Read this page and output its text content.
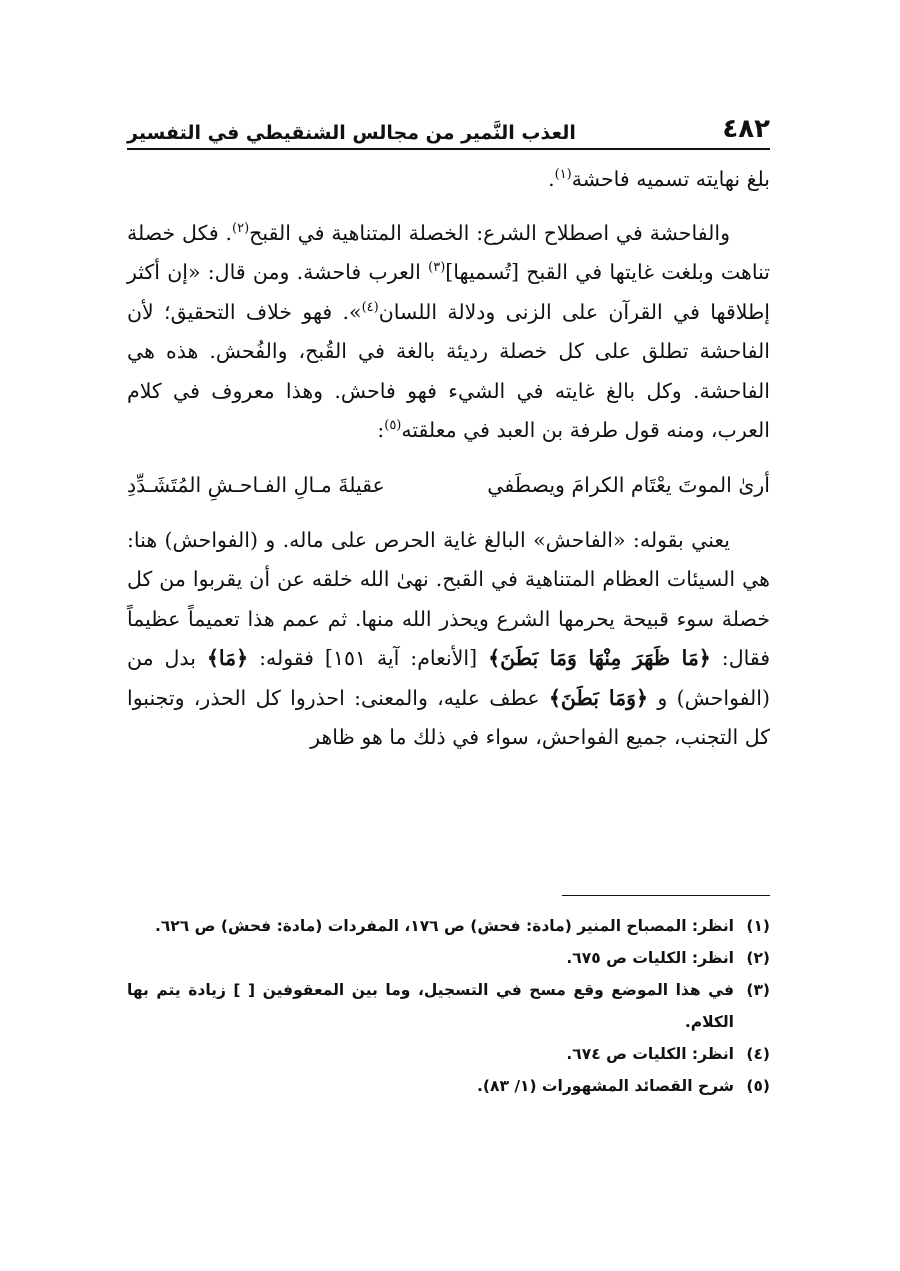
٤٨٢
العذب النَّمير من مجالس الشنقيطي في التفسير

بلغ نهايته تسميه فاحشة$^{(١)}$.

والفاحشة في اصطلاح الشرع: الخصلة المتناهية في القبح$^{(٢)}$. فكل خصلة تناهت وبلغت غايتها في القبح [تُسميها]$^{(٣)}$ العرب فاحشة. ومن قال: «إن أكثر إطلاقها في القرآن على الزنى ودلالة اللسان$^{(٤)}$». فهو خلاف التحقيق؛ لأن الفاحشة تطلق على كل خصلة رديئة بالغة في القُبح، والفُحش. هذه هي الفاحشة. وكل بالغ غايته في الشيء فهو فاحش. وهذا معروف في كلام العرب، ومنه قول طرفة بن العبد في معلقته$^{(٥)}$:

أرىٰ الموتَ يعْتَام الكرامَ ويصطَفي
عقيلةَ مـالِ الفـاحـشِ المُتَشَـدِّدِ

يعني بقوله: «الفاحش» البالغ غاية الحرص على ماله. و (الفواحش) هنا: هي السيئات العظام المتناهية في القبح. نهىٰ الله خلقه عن أن يقربوا من كل خصلة سوء قبيحة يحرمها الشرع ويحذر الله منها. ثم عمم هذا تعميماً عظيماً فقال: ﴿مَا ظَهَرَ مِنْهَا وَمَا بَطَنَ﴾ [الأنعام: آية ١٥١] فقوله: ﴿مَا﴾ بدل من (الفواحش) و ﴿وَمَا بَطَنَ﴾ عطف عليه، والمعنى: احذروا كل الحذر، وتجنبوا كل التجنب، جميع الفواحش، سواء في ذلك ما هو ظاهر

(١)
انظر: المصباح المنير (مادة: فحش) ص ١٧٦، المفردات (مادة: فحش) ص ٦٢٦.
(٢)
انظر: الكليات ص ٦٧٥.
(٣)
في هذا الموضع وقع مسح في التسجيل، وما بين المعقوفين [ ] زيادة يتم بها الكلام.
(٤)
انظر: الكليات ص ٦٧٤.
(٥)
شرح القصائد المشهورات (١/ ٨٣).
